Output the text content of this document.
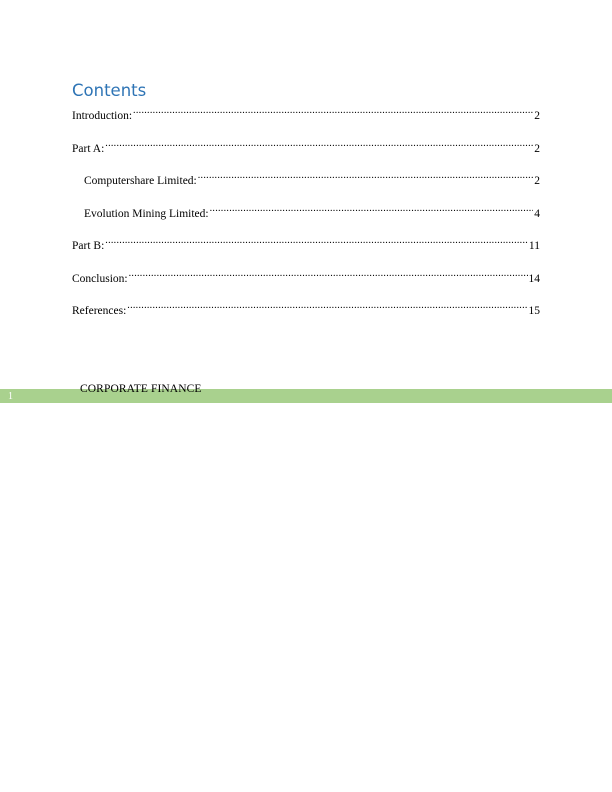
Contents
Introduction: .....	2
Part A: .....	2
Computershare Limited: .....	2
Evolution Mining Limited: .....	4
Part B: .....	11
Conclusion: .....	14
References: .....	15
1
CORPORATE FINANCE
